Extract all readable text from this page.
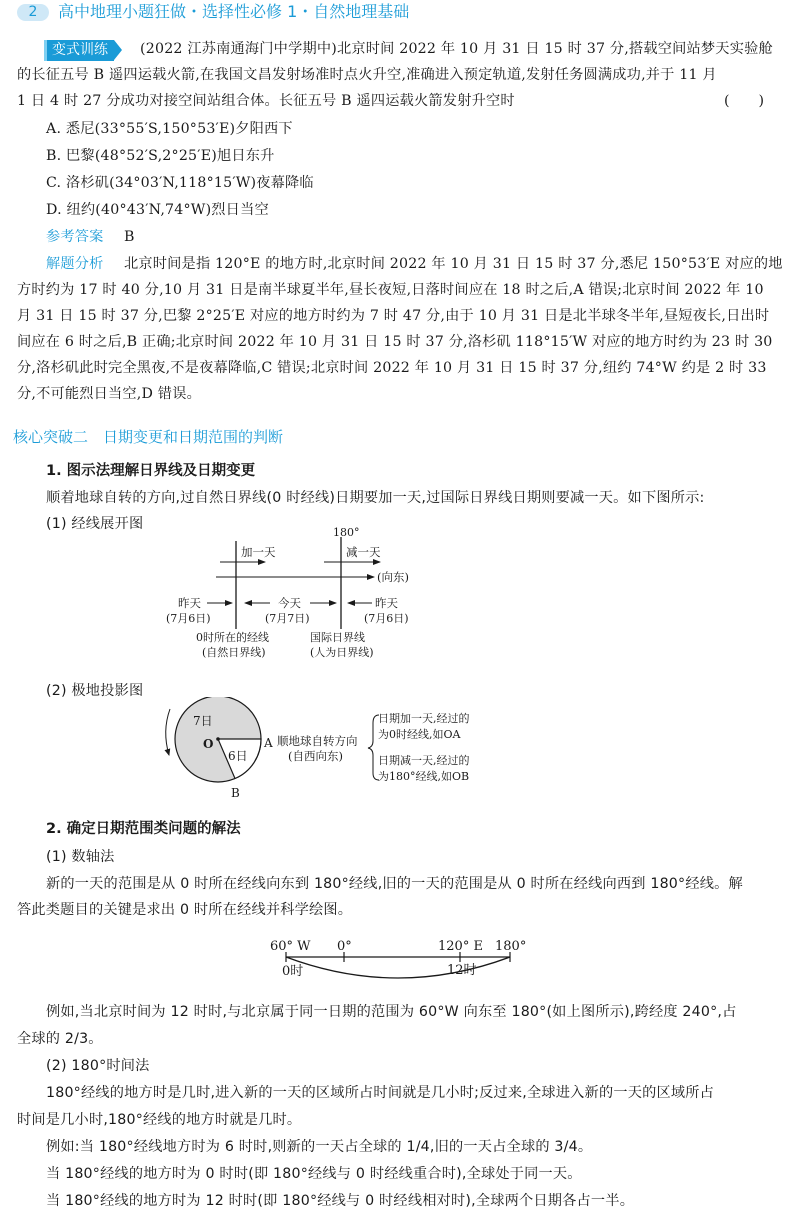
2	高中地理小题狂做・选择性必修 1・自然地理基础
变式训练	(2022 江苏南通海门中学期中)北京时间 2022 年 10 月 31 日 15 时 37 分,搭载空间站梦天实验舱
的长征五号 B 遥四运载火箭,在我国文昌发射场准时点火升空,准确进入预定轨道,发射任务圆满成功,并于 11 月
1 日 4 时 27 分成功对接空间站组合体。长征五号 B 遥四运载火箭发射升空时	(　　)
A. 悉尼(33°55′S,150°53′E)夕阳西下
B. 巴黎(48°52′S,2°25′E)旭日东升
C. 洛杉矶(34°03′N,118°15′W)夜幕降临
D. 纽约(40°43′N,74°W)烈日当空
参考答案 B
解题分析 北京时间是指 120°E 的地方时,北京时间 2022 年 10 月 31 日 15 时 37 分,悉尼 150°53′E 对应的地
方时约为 17 时 40 分,10 月 31 日是南半球夏半年,昼长夜短,日落时间应在 18 时之后,A 错误;北京时间 2022 年 10
月 31 日 15 时 37 分,巴黎 2°25′E 对应的地方时约为 7 时 47 分,由于 10 月 31 日是北半球冬半年,昼短夜长,日出时
间应在 6 时之后,B 正确;北京时间 2022 年 10 月 31 日 15 时 37 分,洛杉矶 118°15′W 对应的地方时约为 23 时 30
分,洛杉矶此时完全黑夜,不是夜幕降临,C 错误;北京时间 2022 年 10 月 31 日 15 时 37 分,纽约 74°W 约是 2 时 33
分,不可能烈日当空,D 错误。
核心突破二　日期变更和日期范围的判断
1. 图示法理解日界线及日期变更
顺着地球自转的方向,过自然日界线(0 时经线)日期要加一天,过国际日界线日期则要减一天。如下图所示:
(1) 经线展开图
180°
加一天	减一天
(向东)
昨天
(7月6日)
今天
(7月7日)
昨天
(7月6日)
0时所在的经线
(自然日界线)
国际日界线
(人为日界线)
(2) 极地投影图
7日
6日
O	A
B
顺地球自转方向
(自西向东)
日期加一天,经过的
为0时经线,如OA
日期减一天,经过的
为180°经线,如OB
2. 确定日期范围类问题的解法
(1) 数轴法
新的一天的范围是从 0 时所在经线向东到 180°经线,旧的一天的范围是从 0 时所在经线向西到 180°经线。解
答此类题目的关键是求出 0 时所在经线并科学绘图。
60° W 0°	120° E 180°
0时	12时
例如,当北京时间为 12 时时,与北京属于同一日期的范围为 60°W 向东至 180°(如上图所示),跨经度 240°,占
全球的 2/3。
(2) 180°时间法
180°经线的地方时是几时,进入新的一天的区域所占时间就是几小时;反过来,全球进入新的一天的区域所占
时间是几小时,180°经线的地方时就是几时。
例如:当 180°经线地方时为 6 时时,则新的一天占全球的 1/4,旧的一天占全球的 3/4。
当 180°经线的地方时为 0 时时(即 180°经线与 0 时经线重合时),全球处于同一天。
当 180°经线的地方时为 12 时时(即 180°经线与 0 时经线相对时),全球两个日期各占一半。
